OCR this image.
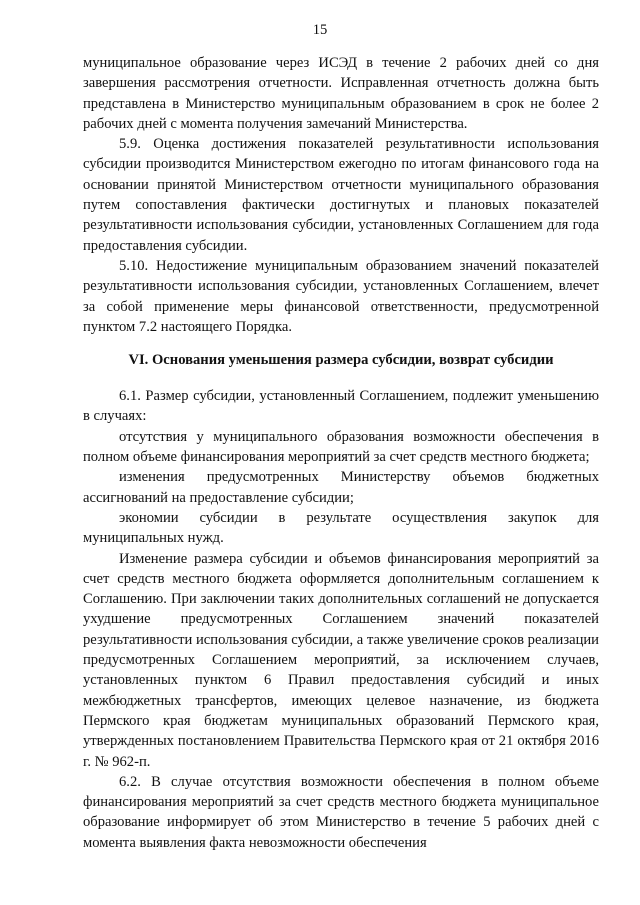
15

муниципальное образование через ИСЭД в течение 2 рабочих дней со дня завершения рассмотрения отчетности. Исправленная отчетность должна быть представлена в Министерство муниципальным образованием в срок не более 2 рабочих дней с момента получения замечаний Министерства.

5.9. Оценка достижения показателей результативности использования субсидии производится Министерством ежегодно по итогам финансового года на основании принятой Министерством отчетности муниципального образования путем сопоставления фактически достигнутых и плановых показателей результативности использования субсидии, установленных Соглашением для года предоставления субсидии.

5.10. Недостижение муниципальным образованием значений показателей результативности использования субсидии, установленных Соглашением, влечет за собой применение меры финансовой ответственности, предусмотренной пунктом 7.2 настоящего Порядка.

VI. Основания уменьшения размера субсидии, возврат субсидии

6.1. Размер субсидии, установленный Соглашением, подлежит уменьшению в случаях:

отсутствия у муниципального образования возможности обеспечения в полном объеме финансирования мероприятий за счет средств местного бюджета;

изменения предусмотренных Министерству объемов бюджетных ассигнований на предоставление субсидии;

экономии субсидии в результате осуществления закупок для муниципальных нужд.

Изменение размера субсидии и объемов финансирования мероприятий за счет средств местного бюджета оформляется дополнительным соглашением к Соглашению. При заключении таких дополнительных соглашений не допускается ухудшение предусмотренных Соглашением значений показателей результативности использования субсидии, а также увеличение сроков реализации предусмотренных Соглашением мероприятий, за исключением случаев, установленных пунктом 6 Правил предоставления субсидий и иных межбюджетных трансфертов, имеющих целевое назначение, из бюджета Пермского края бюджетам муниципальных образований Пермского края, утвержденных постановлением Правительства Пермского края от 21 октября 2016 г. № 962-п.

6.2. В случае отсутствия возможности обеспечения в полном объеме финансирования мероприятий за счет средств местного бюджета муниципальное образование информирует об этом Министерство в течение 5 рабочих дней с момента выявления факта невозможности обеспечения
